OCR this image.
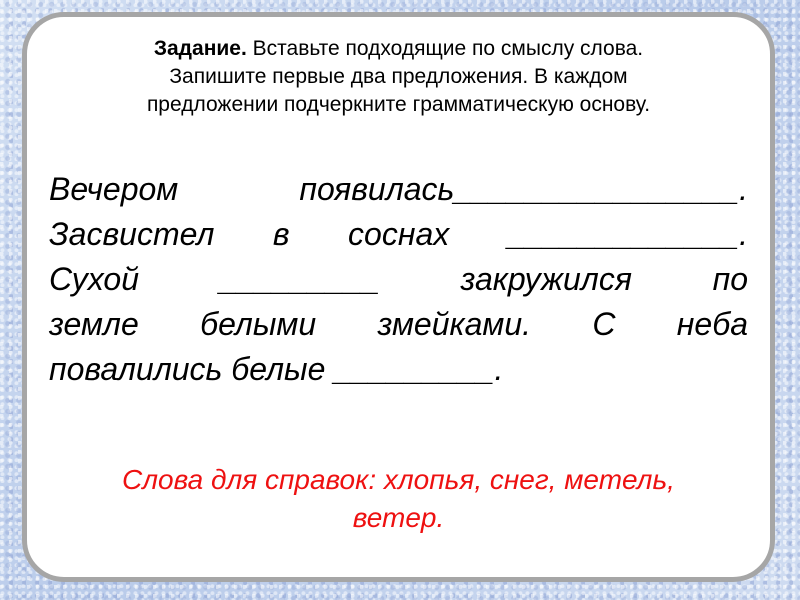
Задание. Вставьте подходящие по смыслу слова.
Запишите первые два предложения. В каждом
предложении подчеркните грамматическую основу.
Вечером	появилась________________.
Засвистел в соснах _____________.
Сухой	_________	закружился	по
земле белыми змейками. С неба
повалились белые _________.
Слова для справок: хлопья, снег, метель,
ветер.
